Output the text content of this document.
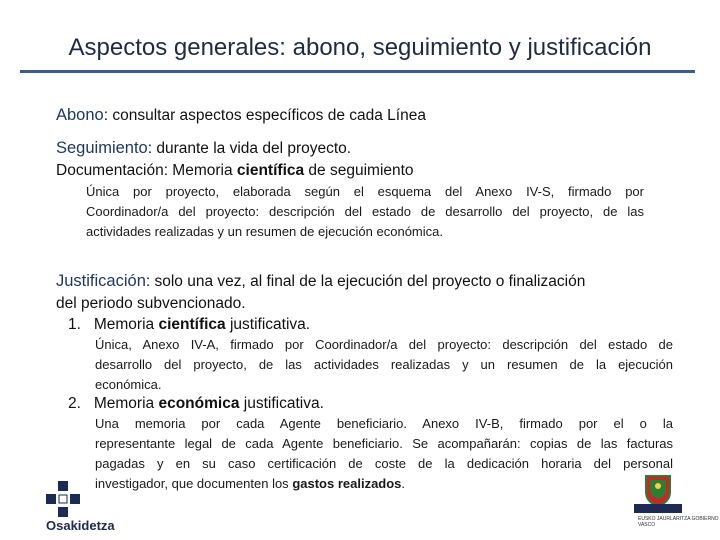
Aspectos generales: abono, seguimiento y justificación
Abono: consultar aspectos específicos de cada Línea
Seguimiento: durante la vida del proyecto.
Documentación: Memoria científica de seguimiento
Única por proyecto, elaborada según el esquema del Anexo IV-S, firmado por
Coordinador/a del proyecto: descripción del estado de desarrollo del proyecto, de las
actividades realizadas y un resumen de ejecución económica.
Justificación: solo una vez, al final de la ejecución del proyecto o finalización
del periodo subvencionado.
1. Memoria científica justificativa.
Única, Anexo IV-A, firmado por Coordinador/a del proyecto: descripción del estado de
desarrollo del proyecto, de las actividades realizadas y un resumen de la ejecución
económica.
2. Memoria económica justificativa.
Una memoria por cada Agente beneficiario. Anexo IV-B, firmado por el o la
representante legal de cada Agente beneficiario. Se acompañarán: copias de las facturas
pagadas y en su caso certificación de coste de la dedicación horaria del personal
investigador, que documenten los gastos realizados.
Osakidetza	EUSKO JAURLARITZA GOBIERNO VASCO
